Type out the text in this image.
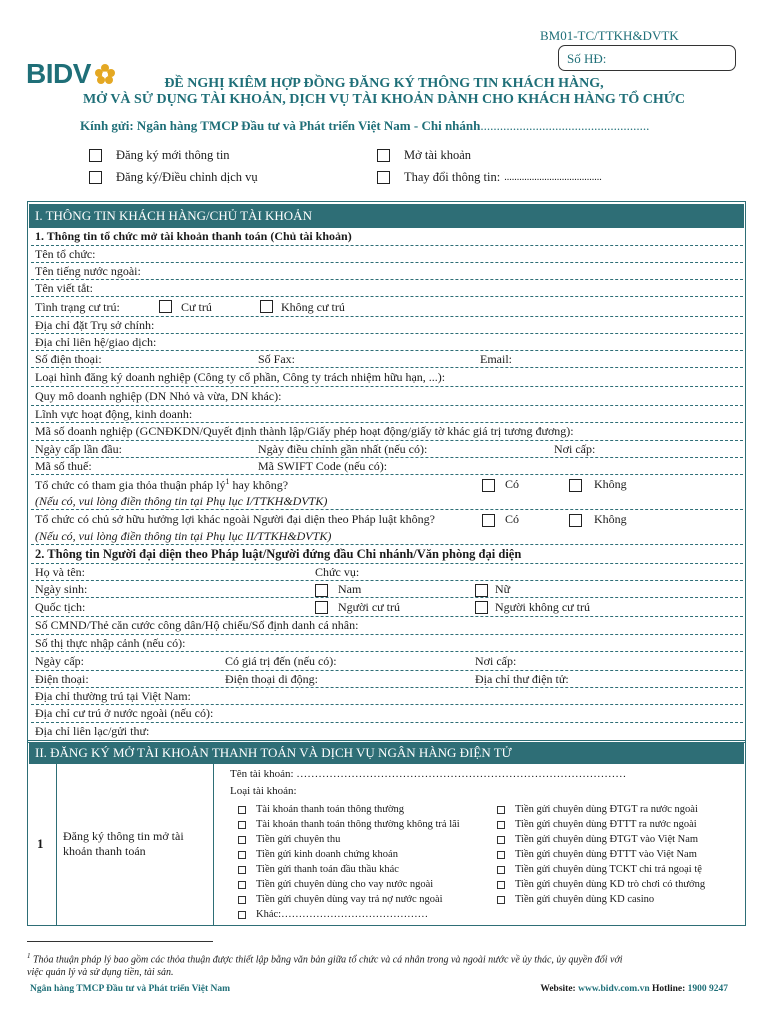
BM01-TC/TTKH&DVTK
Số HĐ:
BIDV	ĐỀ NGHỊ KIÊM HỢP ĐỒNG ĐĂNG KÝ THÔNG TIN KHÁCH HÀNG,
MỞ VÀ SỬ DỤNG TÀI KHOẢN, DỊCH VỤ TÀI KHOẢN DÀNH CHO KHÁCH HÀNG TỔ CHỨC
Kính gửi: Ngân hàng TMCP Đầu tư và Phát triển Việt Nam - Chi nhánh....................................................
Đăng ký mới thông tin
Đăng ký/Điều chỉnh dịch vụ
Mở tài khoản
Thay đổi thông tin: .......................................
I. THÔNG TIN KHÁCH HÀNG/CHỦ TÀI KHOẢN
1. Thông tin tổ chức mở tài khoản thanh toán (Chủ tài khoản)
Tên tổ chức:
Tên tiếng nước ngoài:
Tên viết tắt:
Tình trạng cư trú:	Cư trú	Không cư trú
Địa chỉ đặt Trụ sở chính:
Địa chỉ liên hệ/giao dịch:
Số điện thoại:	Số Fax:	Email:
Loại hình đăng ký doanh nghiệp (Công ty cổ phần, Công ty trách nhiệm hữu hạn, ...):
Quy mô doanh nghiệp (DN Nhỏ và vừa, DN khác):
Lĩnh vực hoạt động, kinh doanh:
Mã số doanh nghiệp (GCNĐKDN/Quyết định thành lập/Giấy phép hoạt động/giấy tờ khác giá trị tương đương):
Ngày cấp lần đầu:	Ngày điều chỉnh gần nhất (nếu có):	Nơi cấp:
Mã số thuế:	Mã SWIFT Code (nếu có):
Tổ chức có tham gia thỏa thuận pháp $lý^1$ hay không?	Có	Không
(Nếu có, vui lòng điền thông tin tại Phụ lục I/TTKH&DVTK)
Tổ chức có chủ sở hữu hưởng lợi khác ngoài Người đại diện theo Pháp luật không?	Có	Không
(Nếu có, vui lòng điền thông tin tại Phụ lục II/TTKH&DVTK)
2. Thông tin Người đại diện theo Pháp luật/Người đứng đầu Chi nhánh/Văn phòng đại diện
Họ và tên:	Chức vụ:
Ngày sinh:	Nam	Nữ
Quốc tịch:	Người cư trú	Người không cư trú
Số CMND/Thẻ căn cước công dân/Hộ chiếu/Số định danh cá nhân:
Số thị thực nhập cảnh (nếu có):
Ngày cấp:	Có giá trị đến (nếu có):	Nơi cấp:
Điện thoại:	Điện thoại di động:	Địa chỉ thư điện tử:
Địa chỉ thường trú tại Việt Nam:
Địa chỉ cư trú ở nước ngoài (nếu có):
Địa chỉ liên lạc/gửi thư:
II. ĐĂNG KÝ MỞ TÀI KHOẢN THANH TOÁN VÀ DỊCH VỤ NGÂN HÀNG ĐIỆN TỬ
1 Đăng ký thông tin mở tài
khoản thanh toán
Tên tài khoản: ………………………………………………………………………………
Loại tài khoản:
Tài khoản thanh toán thông thường
Tài khoản thanh toán thông thường không trả lãi
Tiền gửi chuyên thu
Tiền gửi kinh doanh chứng khoán
Tiền gửi thanh toán đầu thầu khác
Tiền gửi chuyên dùng cho vay nước ngoài
Tiền gửi chuyên dùng vay trả nợ nước ngoài
Khác:……………………………………
Tiền gửi chuyên dùng ĐTGT ra nước ngoài
Tiền gửi chuyên dùng ĐTTT ra nước ngoài
Tiền gửi chuyên dùng ĐTGT vào Việt Nam
Tiền gửi chuyên dùng ĐTTT vào Việt Nam
Tiền gửi chuyên dùng TCKT chi trả ngoại tệ
Tiền gửi chuyên dùng KD trò chơi có thưởng
Tiền gửi chuyên dùng KD casino
$^1$ Thỏa thuận pháp lý bao gồm các thỏa thuận được thiết lập bằng văn bản giữa tổ chức và cá nhân trong và ngoài nước về ủy thác, ủy quyền đối với
việc quản lý và sử dụng tiền, tài sản.
Ngân hàng TMCP Đầu tư và Phát triển Việt Nam	Website: www.bidv.com.vn Hotline: 1900 9247
